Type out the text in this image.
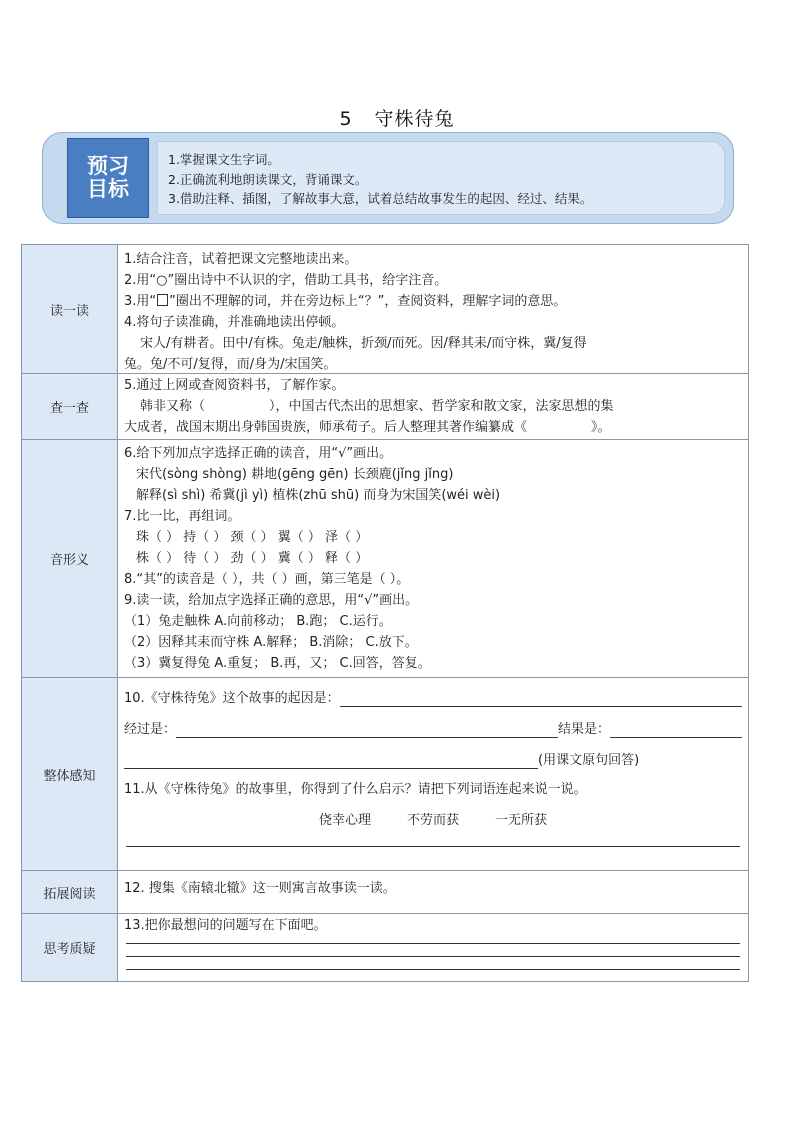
5 守株待兔
预习
目标
1.掌握课文生字词。
2.正确流利地朗读课文，背诵课文。
3.借助注释、插图，了解故事大意，试着总结故事发生的起因、经过、结果。
读一读
1.结合注音，试着把课文完整地读出来。
2.用“○”圈出诗中不认识的字，借助工具书，给字注音。
3.用“ ”圈出不理解的词，并在旁边标上“？”，查阅资料，理解字词的意思。
4.将句子读准确，并准确地读出停顿。
宋人/有耕者。田中/有株。兔走/触株，折颈/而死。因/释其耒/而守株，冀/复得
兔。兔/不可/复得，而/身为/宋国笑。
查一查
5.通过上网或查阅资料书，了解作家。
韩非又称（	），中国古代杰出的思想家、哲学家和散文家，法家思想的集
大成者，战国末期出身韩国贵族，师承荀子。后人整理其著作编纂成《	》。
音形义
6.给下列加点字选择正确的读音，用“√”画出。
宋代(sòng shòng) 耕地(gēng gēn) 长颈鹿(jǐng jǐng)
解释(sì shì) 希冀(jì yì) 植株(zhū shū) 而身为宋国笑(wéi wèi)
7.比一比，再组词。
珠（ ） 持（ ） 颈（ ） 翼（ ） 泽（ ）
株（ ） 待（ ） 劲（ ） 冀（ ） 释（ ）
8.“其”的读音是（ ），共（ ）画，第三笔是（ ）。
9.读一读，给加点字选择正确的意思，用“√”画出。
（1）兔走触株 A.向前移动； B.跑； C.运行。
（2）因释其耒而守株 A.解释； B.消除； C.放下。
（3）冀复得兔 A.重复； B.再，又； C.回答，答复。
整体感知
10.《守株待兔》这个故事的起因是：
经过是：	结果是：
(用课文原句回答)
11.从《守株待兔》的故事里，你得到了什么启示？请把下列词语连起来说一说。
侥幸心理	不劳而获	一无所获
拓展阅读	12. 搜集《南辕北辙》这一则寓言故事读一读。
思考质疑
13.把你最想问的问题写在下面吧。
